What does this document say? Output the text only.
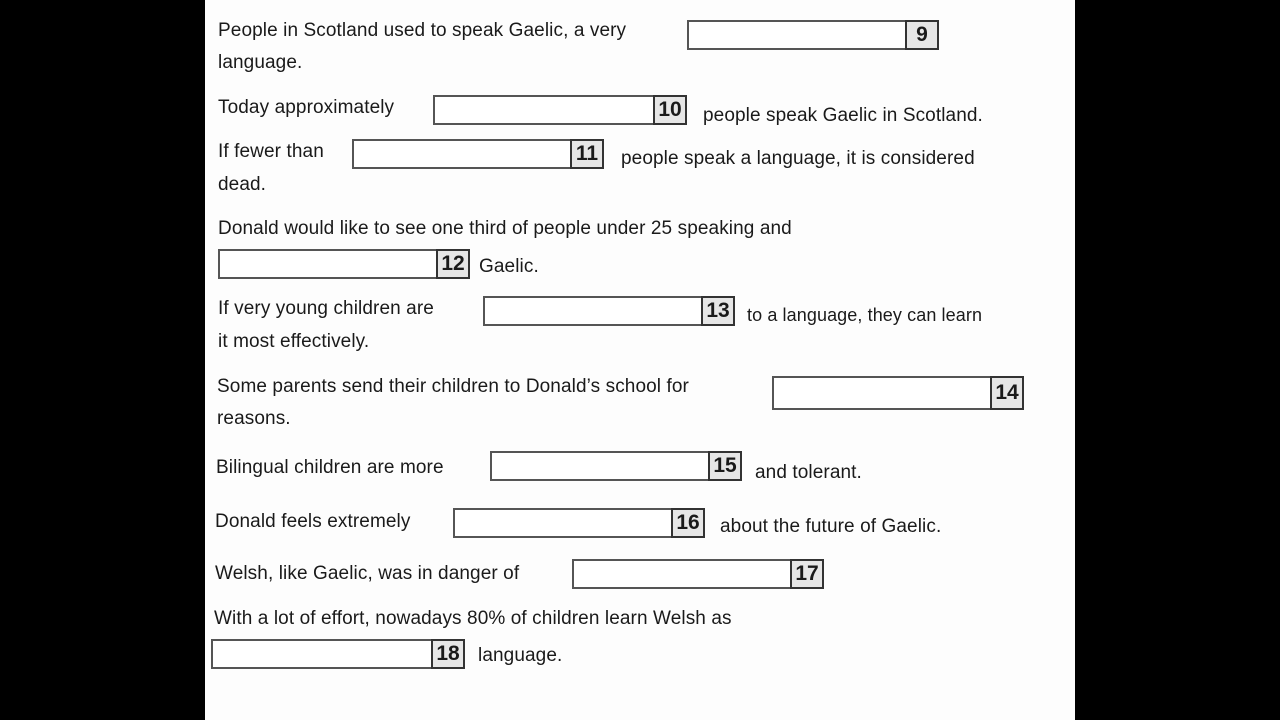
People in Scotland used to speak Gaelic, a very	9
language.
Today approximately	10 people speak Gaelic in Scotland.
If fewer than	11	people speak a language, it is considered
dead.
Donald would like to see one third of people under 25 speaking and
12 Gaelic.
If very young children are	13 to a language, they can learn
it most effectively.
Some parents send their children to Donald’s school for	14
reasons.
Bilingual children are more	15 and tolerant.
Donald feels extremely	16 about the future of Gaelic.
Welsh, like Gaelic, was in danger of	17
With a lot of effort, nowadays 80% of children learn Welsh as
18 language.
